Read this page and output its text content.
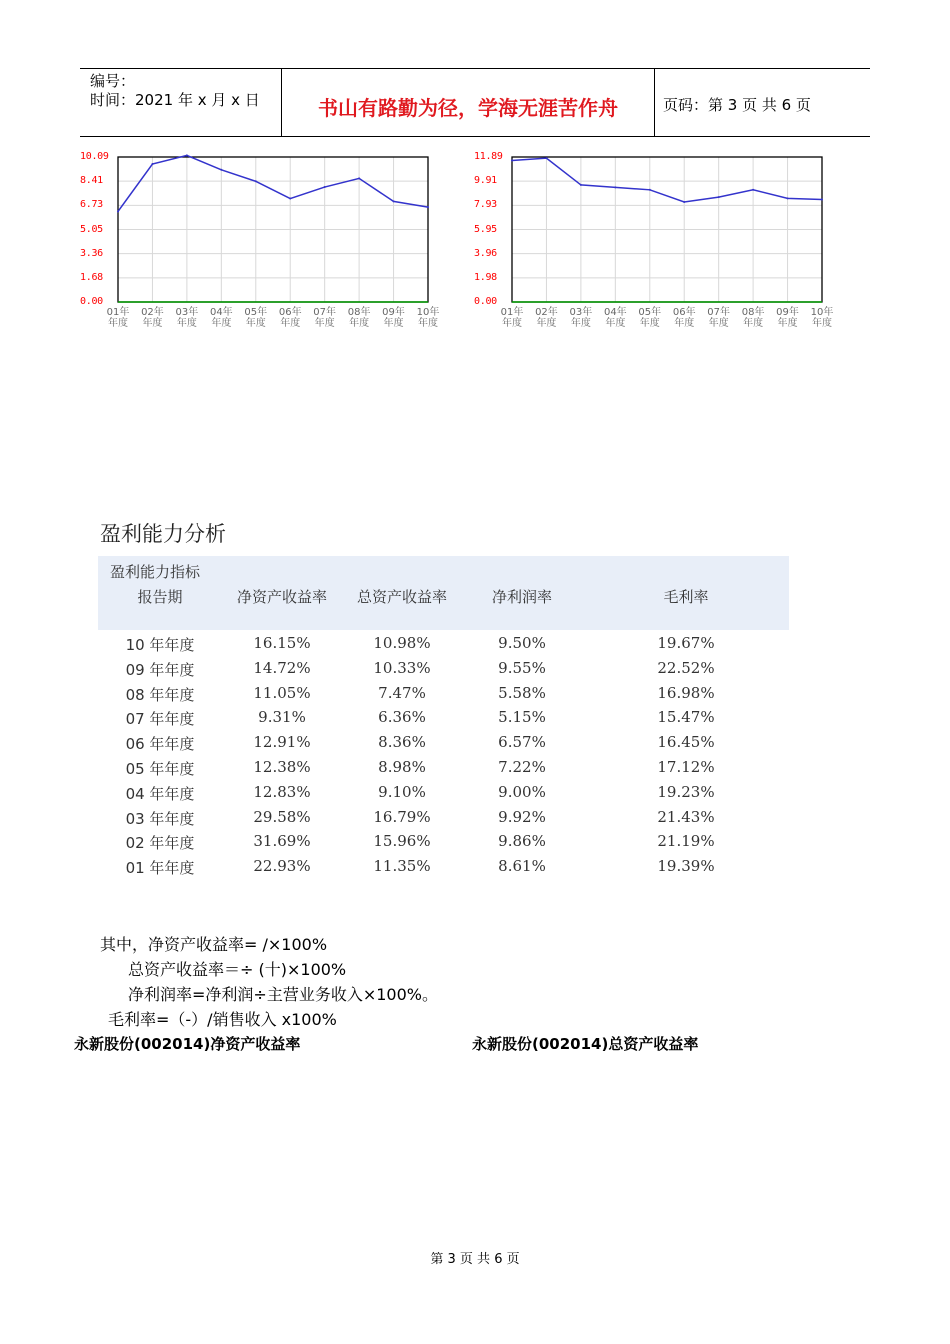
编号：
时间：2021 年 x 月 x 日	书山有路勤为径，学海无涯苦作舟	页码：第 3 页 共 6 页
0.00
1.68
3.36
5.05
6.73
8.41
10.09
01年
年度
02年
年度
03年
年度
04年
年度
05年
年度
06年
年度
07年
年度
08年
年度
09年
年度
10年
年度
0.00
1.98
3.96
5.95
7.93
9.91
11.89
01年
年度
02年
年度
03年
年度
04年
年度
05年
年度
06年
年度
07年
年度
08年
年度
09年
年度
10年
年度
盈利能力分析
盈利能力指标
报告期	净资产收益率	总资产收益率	净利润率	毛利率
10 年年度	16.15%	10.98%	9.50%	19.67%
09 年年度	14.72%	10.33%	9.55%	22.52%
08 年年度	11.05%	7.47%	5.58%	16.98%
07 年年度	9.31%	6.36%	5.15%	15.47%
06 年年度	12.91%	8.36%	6.57%	16.45%
05 年年度	12.38%	8.98%	7.22%	17.12%
04 年年度	12.83%	9.10%	9.00%	19.23%
03 年年度	29.58%	16.79%	9.92%	21.43%
02 年年度	31.69%	15.96%	9.86%	21.19%
01 年年度	22.93%	11.35%	8.61%	19.39%
其中，净资产收益率= /×100%
总资产收益率＝÷ (十)×100%
净利润率=净利润÷主营业务收入×100%。
毛利率=（-）/销售收入 x100%
永新股份(002014)净资产收益率	永新股份(002014)总资产收益率
第 3 页 共 6 页
